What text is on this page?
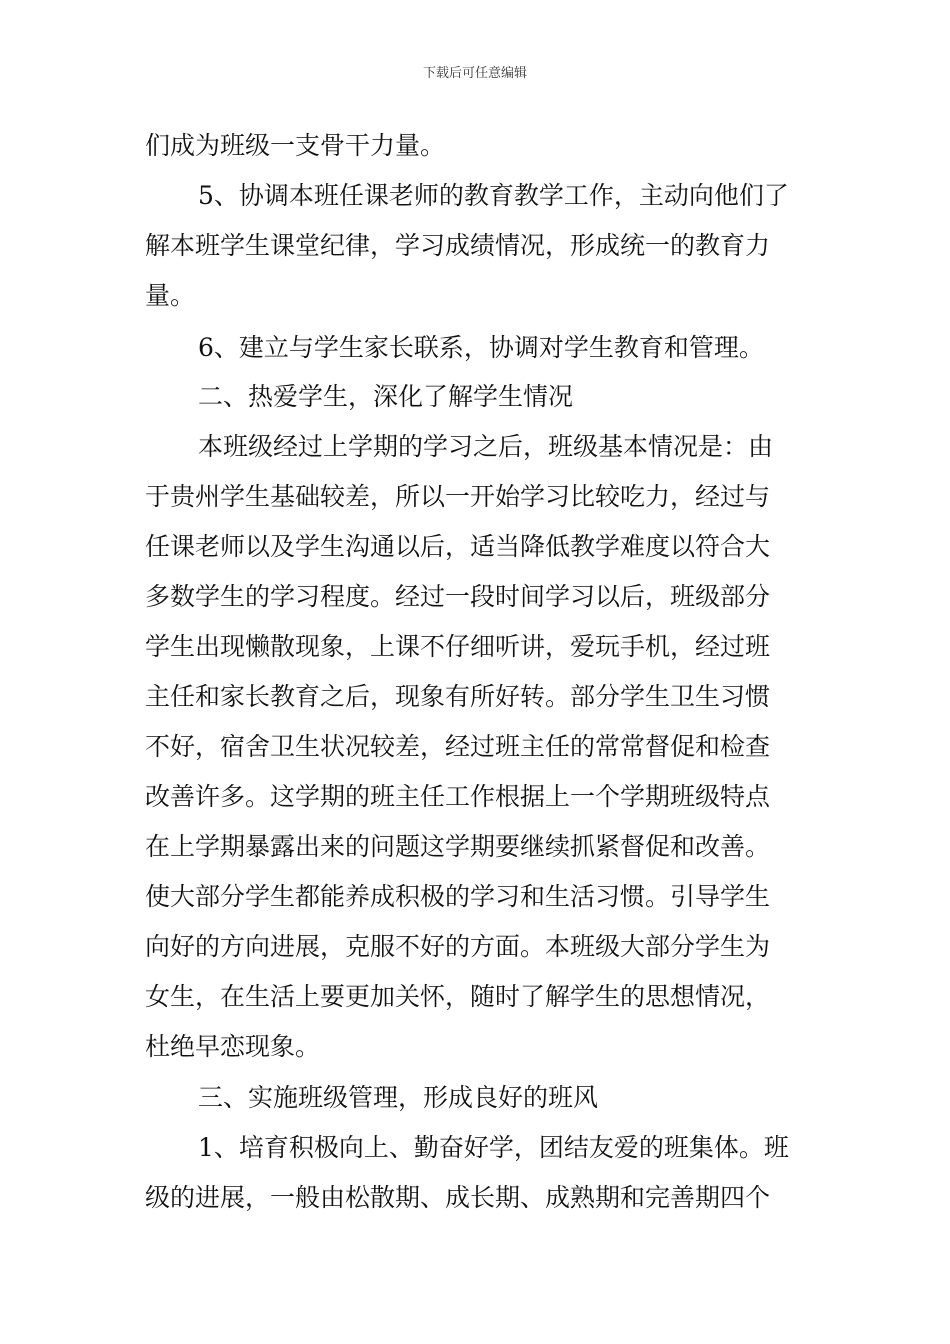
下载后可任意编辑
们成为班级一支骨干力量。
5、协调本班任课老师的教育教学工作，主动向他们了
解本班学生课堂纪律，学习成绩情况，形成统一的教育力
量。
6、建立与学生家长联系，协调对学生教育和管理。
二、热爱学生，深化了解学生情况
本班级经过上学期的学习之后，班级基本情况是：由
于贵州学生基础较差，所以一开始学习比较吃力，经过与
任课老师以及学生沟通以后，适当降低教学难度以符合大
多数学生的学习程度。经过一段时间学习以后，班级部分
学生出现懒散现象，上课不仔细听讲，爱玩手机，经过班
主任和家长教育之后，现象有所好转。部分学生卫生习惯
不好，宿舍卫生状况较差，经过班主任的常常督促和检查
改善许多。这学期的班主任工作根据上一个学期班级特点
在上学期暴露出来的问题这学期要继续抓紧督促和改善。
使大部分学生都能养成积极的学习和生活习惯。引导学生
向好的方向进展，克服不好的方面。本班级大部分学生为
女生，在生活上要更加关怀，随时了解学生的思想情况，
杜绝早恋现象。
三、实施班级管理，形成良好的班风
1、培育积极向上、勤奋好学，团结友爱的班集体。班
级的进展，一般由松散期、成长期、成熟期和完善期四个
